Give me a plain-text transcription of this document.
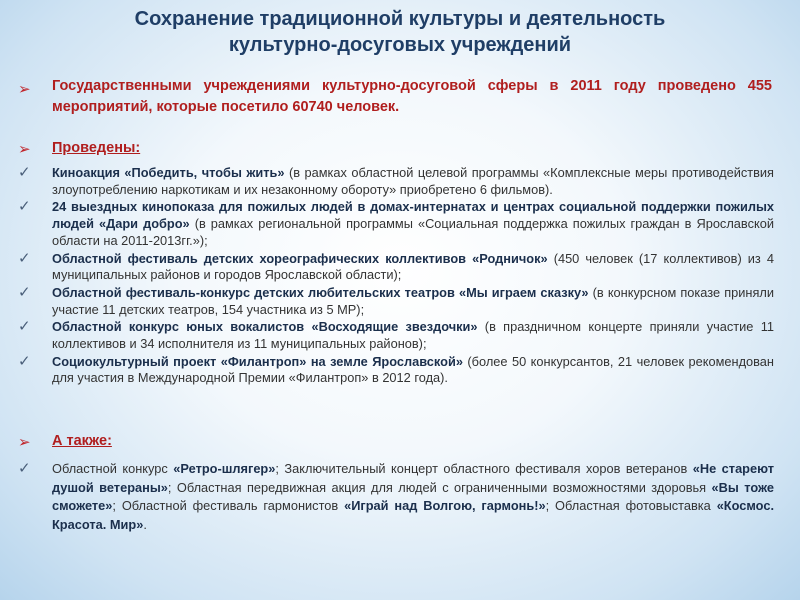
Сохранение традиционной культуры и деятельность
культурно-досуговых учреждений
➢ Государственными учреждениями культурно-досуговой сферы в 2011 году проведено 455 мероприятий, которые посетило 60740 человек.
➢ Проведены:
✓ Киноакция «Победить, чтобы жить» (в рамках областной целевой программы «Комплексные меры противодействия злоупотреблению наркотикам и их незаконному обороту» приобретено 6 фильмов).
✓ 24 выездных кинопоказа для пожилых людей в домах-интернатах и центрах социальной поддержки пожилых людей «Дари добро» (в рамках региональной программы «Социальная поддержка пожилых граждан в Ярославской области на 2011-2013гг.»);
✓ Областной фестиваль детских хореографических коллективов «Родничок» (450 человек (17 коллективов) из 4 муниципальных районов и городов Ярославской области);
✓ Областной фестиваль-конкурс детских любительских театров «Мы играем сказку» (в конкурсном показе приняли участие 11 детских театров, 154 участника из 5 МР);
✓ Областной конкурс юных вокалистов «Восходящие звездочки» (в праздничном концерте приняли участие 11 коллективов и 34 исполнителя из 11 муниципальных районов);
✓ Социокультурный проект «Филантроп» на земле Ярославской» (более 50 конкурсантов, 21 человек рекомендован для участия в Международной Премии «Филантроп» в 2012 года).
➢ А также:
✓ Областной конкурс «Ретро-шлягер»; Заключительный концерт областного фестиваля хоров ветеранов «Не стареют душой ветераны»; Областная передвижная акция для людей с ограниченными возможностями здоровья «Вы тоже сможете»; Областной фестиваль гармонистов «Играй над Волгою, гармонь!»; Областная фотовыставка «Космос. Красота. Мир».
